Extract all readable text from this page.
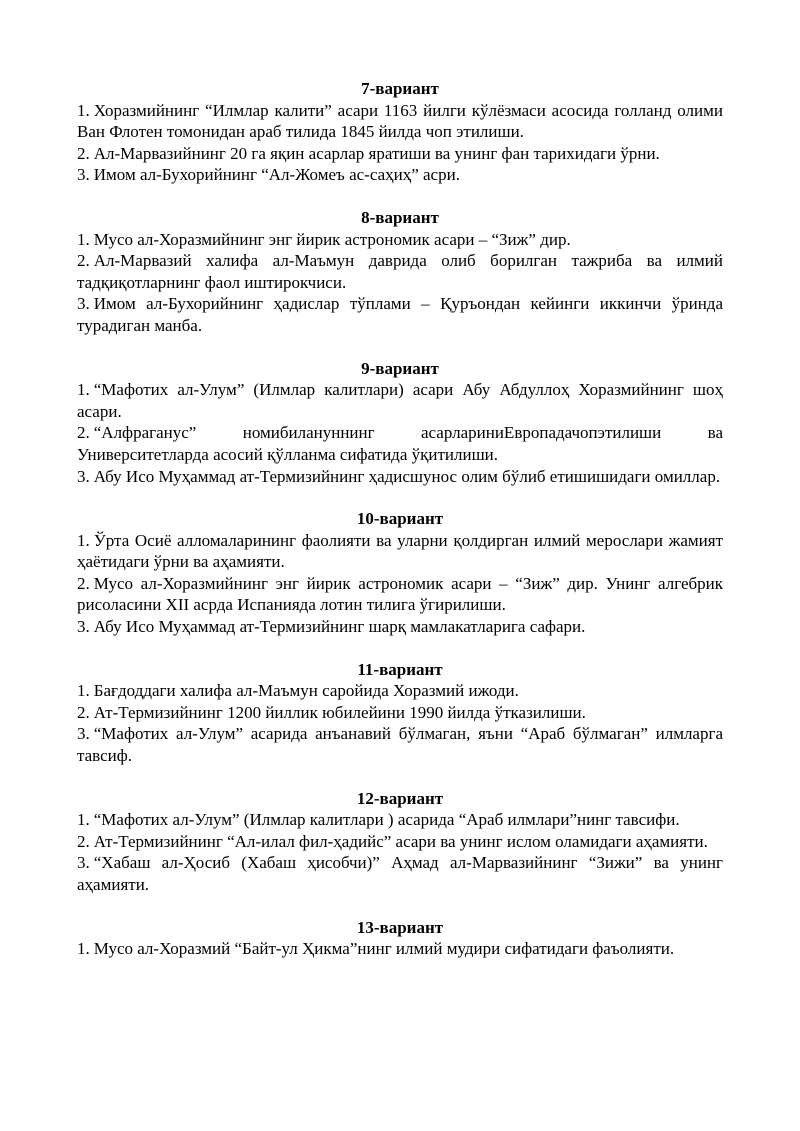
7-вариант

1. Хоразмийнинг “Илмлар калити” асари 1163 йилги кўлёзмаси асосида голланд олими Ван Флотен томонидан араб тилида 1845 йилда чоп этилиши.

2. Ал-Марвазийнинг 20 га яқин асарлар яратиши ва унинг фан тарихидаги ўрни.

3. Имом ал-Бухорийнинг “Ал-Жомеъ ас-саҳиҳ” асри.

8-вариант

1. Мусо ал-Хоразмийнинг энг йирик астрономик асари – “Зиж” дир.

2. Ал-Марвазий халифа ал-Маъмун даврида олиб борилган тажриба ва илмий тадқиқотларнинг фаол иштирокчиси.

3. Имом ал-Бухорийнинг ҳадислар тўплами – Қуръондан кейинги иккинчи ўринда турадиган манба.

9-вариант

1. “Мафотих ал-Улум” (Илмлар калитлари) асари Абу Абдуллоҳ Хоразмийнинг шоҳ асари.

2. “Алфраганус” номибилануннинг асарлариниЕвропадачопэтилиши ва Университетларда асосий қўлланма сифатида ўқитилиши.

3. Абу Исо Муҳаммад ат-Термизийнинг ҳадисшунос олим бўлиб етишишидаги омиллар.

10-вариант

1. Ўрта Осиё алломаларининг фаолияти ва уларни қолдирган илмий мерослари жамият ҳаётидаги ўрни ва аҳамияти.

2. Мусо ал-Хоразмийнинг энг йирик астрономик асари – “Зиж” дир. Унинг алгебрик рисоласини XII асрда Испанияда лотин тилига ўгирилиши.

3. Абу Исо Муҳаммад ат-Термизийнинг шарқ мамлакатларига сафари.

11-вариант

1. Бағдоддаги халифа ал-Маъмун саройида Хоразмий ижоди.

2. Ат-Термизийнинг 1200 йиллик юбилейини 1990 йилда ўтказилиши.

3. “Мафотих ал-Улум” асарида анъанавий бўлмаган, яъни “Араб бўлмаган” илмларга тавсиф.

12-вариант

1. “Мафотих ал-Улум” (Илмлар калитлари ) асарида “Араб илмлари”нинг тавсифи.

2. Ат-Термизийнинг “Ал-илал фил-ҳадийс” асари ва унинг ислом оламидаги аҳамияти.

3. “Хабаш ал-Ҳосиб (Хабаш ҳисобчи)” Аҳмад ал-Марвазийнинг “Зижи” ва унинг аҳамияти.

13-вариант

1. Мусо ал-Хоразмий “Байт-ул Ҳикма”нинг илмий мудири сифатидаги фаъолияти.
